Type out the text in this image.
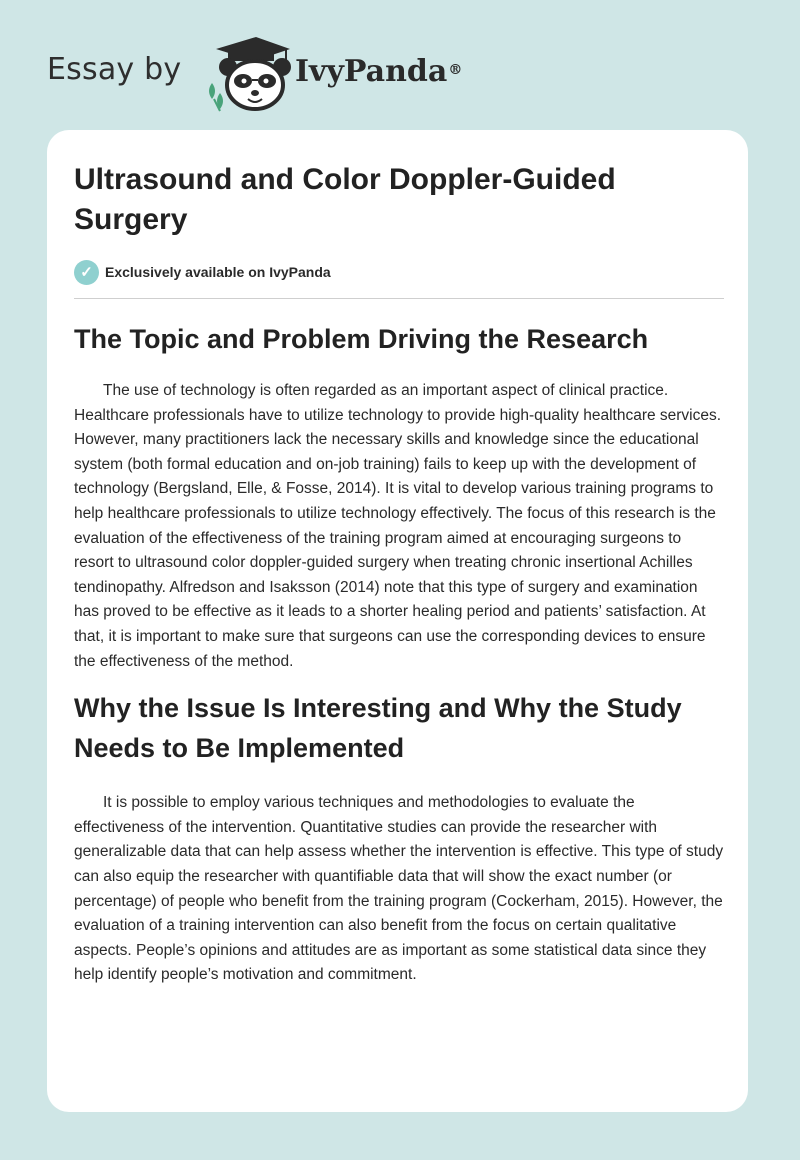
Essay by	IvyPanda®
Ultrasound and Color Doppler-Guided Surgery
✓ Exclusively available on IvyPanda
The Topic and Problem Driving the Research

The use of technology is often regarded as an important aspect of clinical practice. Healthcare professionals have to utilize technology to provide high-quality healthcare services. However, many practitioners lack the necessary skills and knowledge since the educational system (both formal education and on-job training) fails to keep up with the development of technology (Bergsland, Elle, & Fosse, 2014). It is vital to develop various training programs to help healthcare professionals to utilize technology effectively. The focus of this research is the evaluation of the effectiveness of the training program aimed at encouraging surgeons to resort to ultrasound color doppler-guided surgery when treating chronic insertional Achilles tendinopathy. Alfredson and Isaksson (2014) note that this type of surgery and examination has proved to be effective as it leads to a shorter healing period and patients’ satisfaction. At that, it is important to make sure that surgeons can use the corresponding devices to ensure the effectiveness of the method.

Why the Issue Is Interesting and Why the Study Needs to Be Implemented

It is possible to employ various techniques and methodologies to evaluate the effectiveness of the intervention. Quantitative studies can provide the researcher with generalizable data that can help assess whether the intervention is effective. This type of study can also equip the researcher with quantifiable data that will show the exact number (or percentage) of people who benefit from the training program (Cockerham, 2015). However, the evaluation of a training intervention can also benefit from the focus on certain qualitative aspects. People’s opinions and attitudes are as important as some statistical data since they help identify people’s motivation and commitment.
